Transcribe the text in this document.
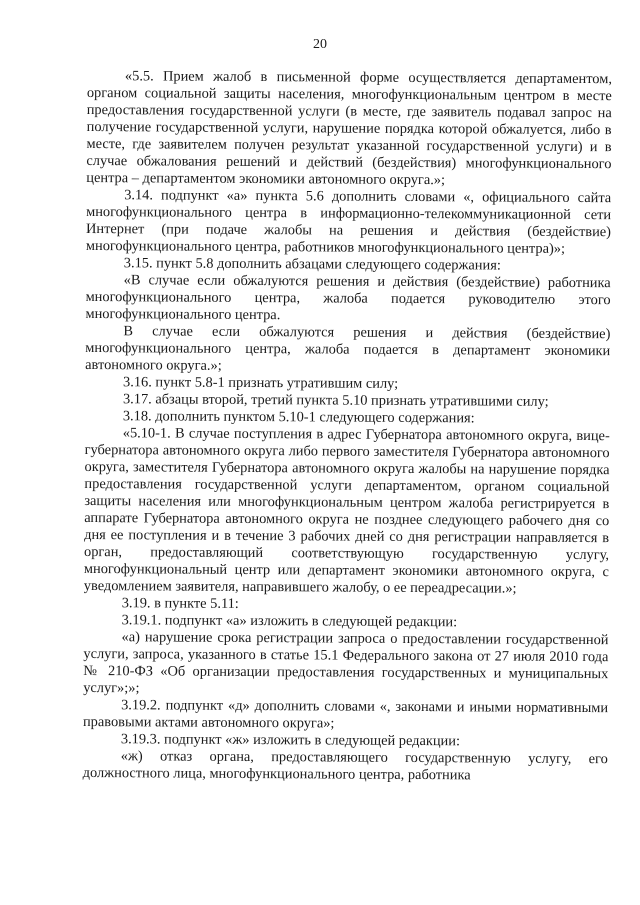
20

«5.5. Прием жалоб в письменной форме осуществляется департаментом, органом социальной защиты населения, многофункциональным центром в месте предоставления государственной услуги (в месте, где заявитель подавал запрос на получение государственной услуги, нарушение порядка которой обжалуется, либо в месте, где заявителем получен результат указанной государственной услуги) и в случае обжалования решений и действий (бездействия) многофункционального центра – департаментом экономики автономного округа.»;

3.14. подпункт «а» пункта 5.6 дополнить словами «, официального сайта многофункционального центра в информационно-телекоммуникационной сети Интернет (при подаче жалобы на решения и действия (бездействие) многофункционального центра, работников многофункционального центра)»;

3.15. пункт 5.8 дополнить абзацами следующего содержания:

«В случае если обжалуются решения и действия (бездействие) работника многофункционального центра, жалоба подается руководителю этого многофункционального центра.

В случае если обжалуются решения и действия (бездействие) многофункционального центра, жалоба подается в департамент экономики автономного округа.»;

3.16. пункт 5.8-1 признать утратившим силу;

3.17. абзацы второй, третий пункта 5.10 признать утратившими силу;

3.18. дополнить пунктом 5.10-1 следующего содержания:

«5.10-1. В случае поступления в адрес Губернатора автономного округа, вице-губернатора автономного округа либо первого заместителя Губернатора автономного округа, заместителя Губернатора автономного округа жалобы на нарушение порядка предоставления государственной услуги департаментом, органом социальной защиты населения или многофункциональным центром жалоба регистрируется в аппарате Губернатора автономного округа не позднее следующего рабочего дня со дня ее поступления и в течение 3 рабочих дней со дня регистрации направляется в орган, предоставляющий соответствующую государственную услугу, многофункциональный центр или департамент экономики автономного округа, с уведомлением заявителя, направившего жалобу, о ее переадресации.»;

3.19. в пункте 5.11:

3.19.1. подпункт «а» изложить в следующей редакции:

«а) нарушение срока регистрации запроса о предоставлении государственной услуги, запроса, указанного в статье 15.1 Федерального закона от 27 июля 2010 года № 210-ФЗ «Об организации предоставления государственных и муниципальных услуг»;»;

3.19.2. подпункт «д» дополнить словами «, законами и иными нормативными правовыми актами автономного округа»;

3.19.3. подпункт «ж» изложить в следующей редакции:

«ж) отказ органа, предоставляющего государственную услугу, его должностного лица, многофункционального центра, работника
